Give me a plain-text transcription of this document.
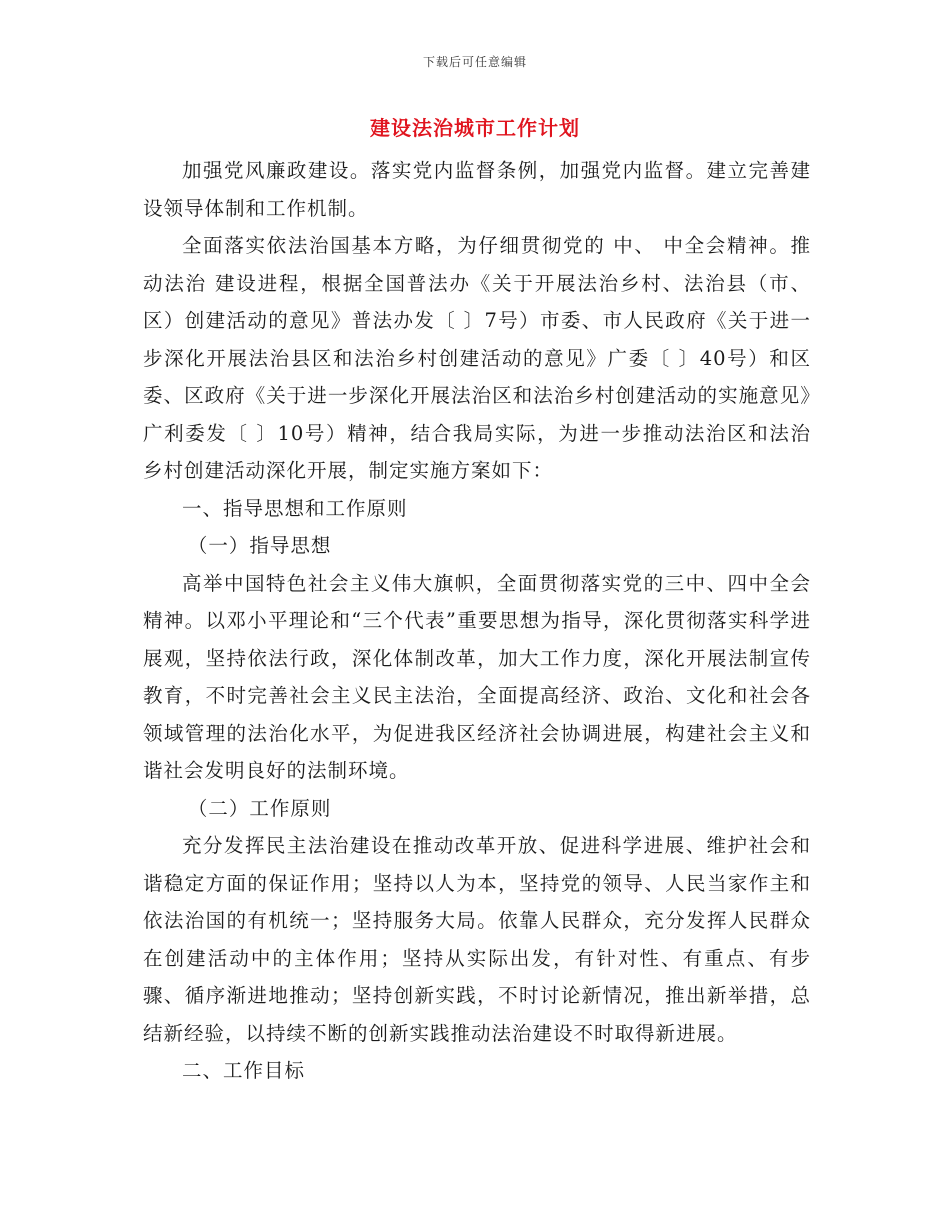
下载后可任意编辑
建设法治城市工作计划

加强党风廉政建设。落实党内监督条例，加强党内监督。建立完善建设领导体制和工作机制。

全面落实依法治国基本方略，为仔细贯彻党的 中、 中全会精神。推动法治 建设进程，根据全国普法办《关于开展法治乡村、法治县（市、区）创建活动的意见》普法办发〔 〕7号）市委、市人民政府《关于进一步深化开展法治县区和法治乡村创建活动的意见》广委〔 〕40号）和区委、区政府《关于进一步深化开展法治区和法治乡村创建活动的实施意见》广利委发〔 〕10号）精神，结合我局实际，为进一步推动法治区和法治乡村创建活动深化开展，制定实施方案如下：

一、指导思想和工作原则

（一）指导思想

高举中国特色社会主义伟大旗帜，全面贯彻落实党的三中、四中全会精神。以邓小平理论和“三个代表”重要思想为指导，深化贯彻落实科学进展观，坚持依法行政，深化体制改革，加大工作力度，深化开展法制宣传教育，不时完善社会主义民主法治，全面提高经济、政治、文化和社会各领域管理的法治化水平，为促进我区经济社会协调进展，构建社会主义和谐社会发明良好的法制环境。

（二）工作原则

充分发挥民主法治建设在推动改革开放、促进科学进展、维护社会和谐稳定方面的保证作用；坚持以人为本，坚持党的领导、人民当家作主和依法治国的有机统一；坚持服务大局。依靠人民群众，充分发挥人民群众在创建活动中的主体作用；坚持从实际出发，有针对性、有重点、有步骤、循序渐进地推动；坚持创新实践，不时讨论新情况，推出新举措，总结新经验，以持续不断的创新实践推动法治建设不时取得新进展。

二、工作目标
